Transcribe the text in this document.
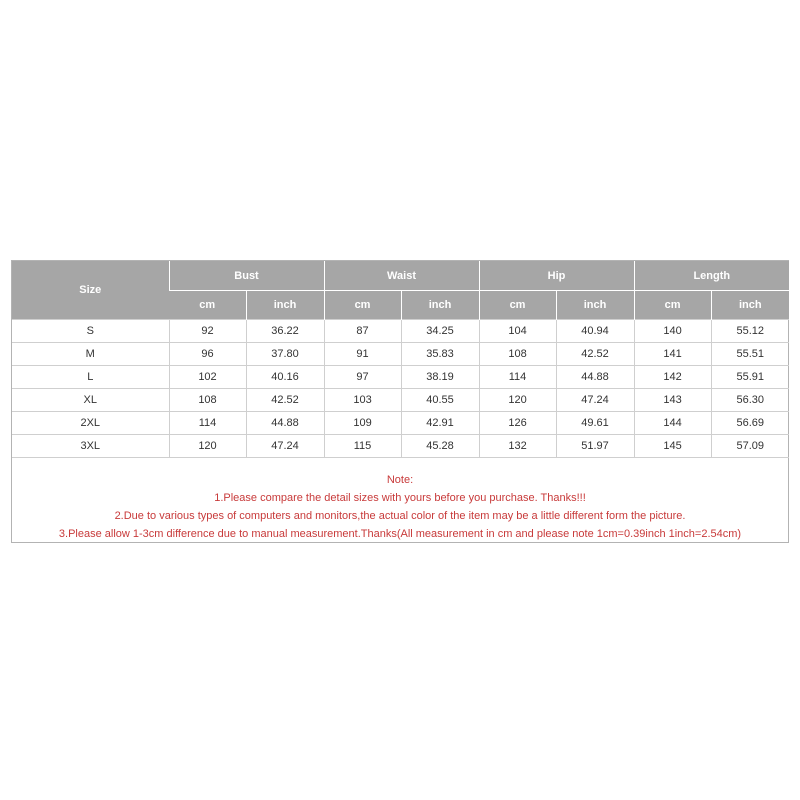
Size	Bust		Waist		Hip		Length	
	cm	inch	cm	inch	cm	inch	cm	inch
S	92	36.22	87	34.25	104	40.94	140	55.12
M	96	37.80	91	35.83	108	42.52	141	55.51
L	102	40.16	97	38.19	114	44.88	142	55.91
XL	108	42.52	103	40.55	120	47.24	143	56.30
2XL	114	44.88	109	42.91	126	49.61	144	56.69
3XL	120	47.24	115	45.28	132	51.97	145	57.09
Note:
1.Please compare the detail sizes with yours before you purchase. Thanks!!!
2.Due to various types of computers and monitors,the actual color of the item may be a little different form the picture.
3.Please allow 1-3cm difference due to manual measurement.Thanks(All measurement in cm and please note 1cm=0.39inch 1inch=2.54cm)
